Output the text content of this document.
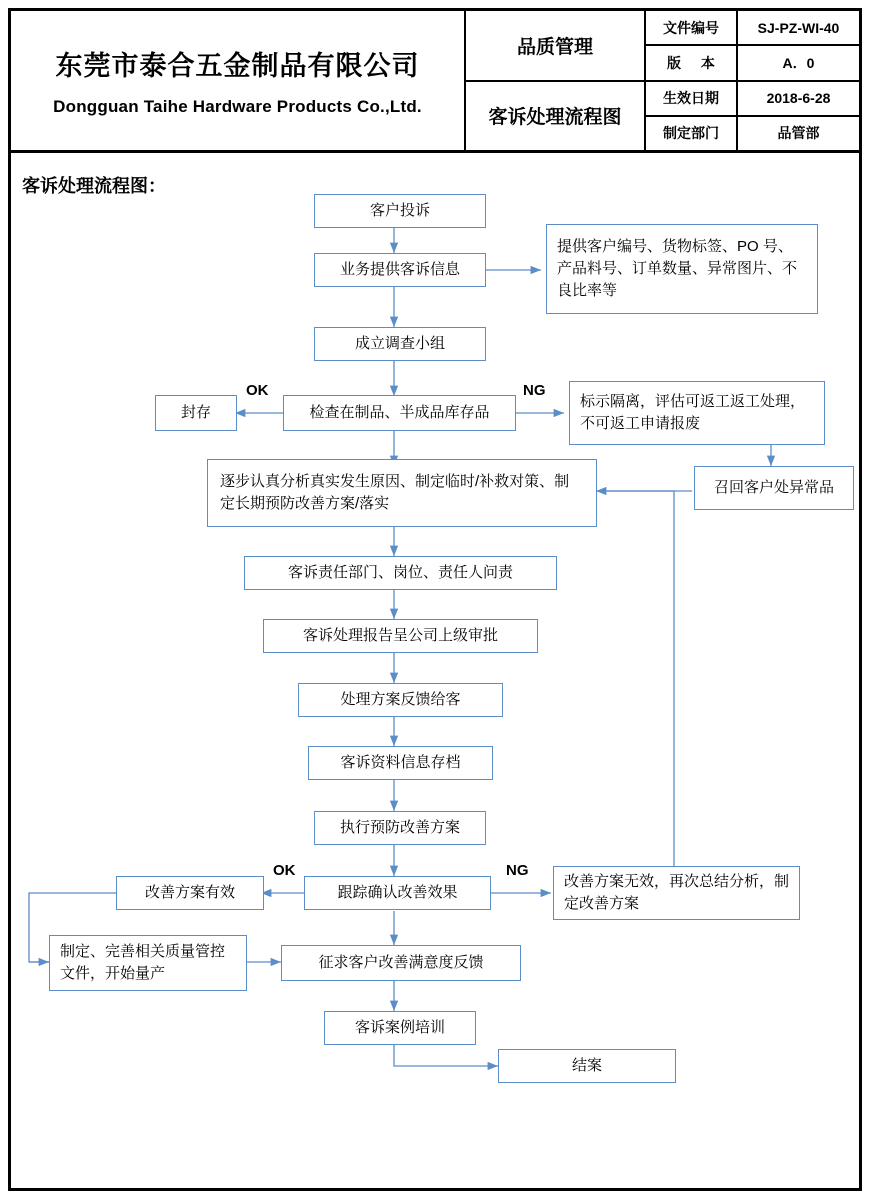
东莞市泰合五金制品有限公司
Dongguan Taihe Hardware Products Co.,Ltd.
品质管理
客诉处理流程图
文件编号	SJ-PZ-WI-40
版 本	A．0
生效日期	2018-6-28
制定部门	品管部
客诉处理流程图：
客户投诉
业务提供客诉信息
提供客户编号、货物标签、PO 号、产品料号、订单数量、异常图片、不良比率等
成立调查小组
封存	检查在制品、半成品库存品
标示隔离，评估可返工返工处理，不可返工申请报废
召回客户处异常品
逐步认真分析真实发生原因、制定临时/补救对策、制定长期预防改善方案/落实
客诉责任部门、岗位、责任人问责
客诉处理报告呈公司上级审批
处理方案反馈给客
客诉资料信息存档
执行预防改善方案
改善方案有效	跟踪确认改善效果
改善方案无效，再次总结分析，制定改善方案
制定、完善相关质量管控文件，开始量产
征求客户改善满意度反馈
客诉案例培训
结案
OK	NG
OK	NG
